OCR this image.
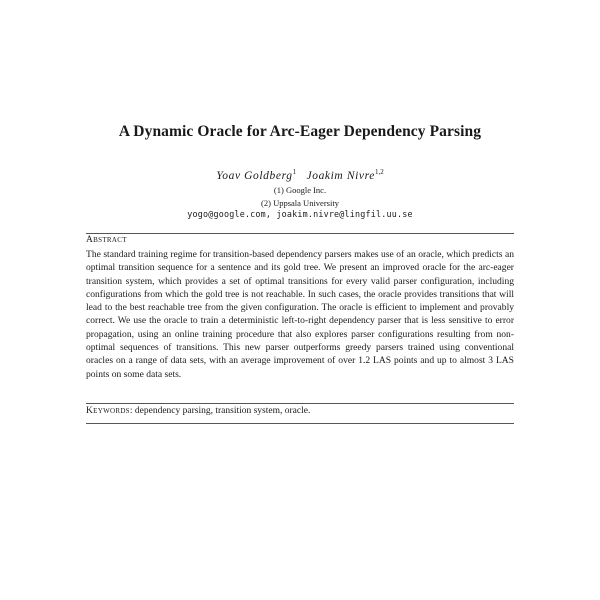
A Dynamic Oracle for Arc-Eager Dependency Parsing
Yoav Goldberg$^1$ Joakim Nivre$^{1,2}$
(1) Google Inc.
(2) Uppsala University
yogo@google.com, joakim.nivre@lingfil.uu.se
Abstract
The standard training regime for transition-based dependency parsers makes use of an oracle, which predicts an optimal transition sequence for a sentence and its gold tree. We present an improved oracle for the arc-eager transition system, which provides a set of optimal transitions for every valid parser configuration, including configurations from which the gold tree is not reachable. In such cases, the oracle provides transitions that will lead to the best reachable tree from the given configuration. The oracle is efficient to implement and provably correct. We use the oracle to train a deterministic left-to-right dependency parser that is less sensitive to error propagation, using an online training procedure that also explores parser configurations resulting from non-optimal sequences of transitions. This new parser outperforms greedy parsers trained using conventional oracles on a range of data sets, with an average improvement of over 1.2 LAS points and up to almost 3 LAS points on some data sets.
Keywords: dependency parsing, transition system, oracle.
